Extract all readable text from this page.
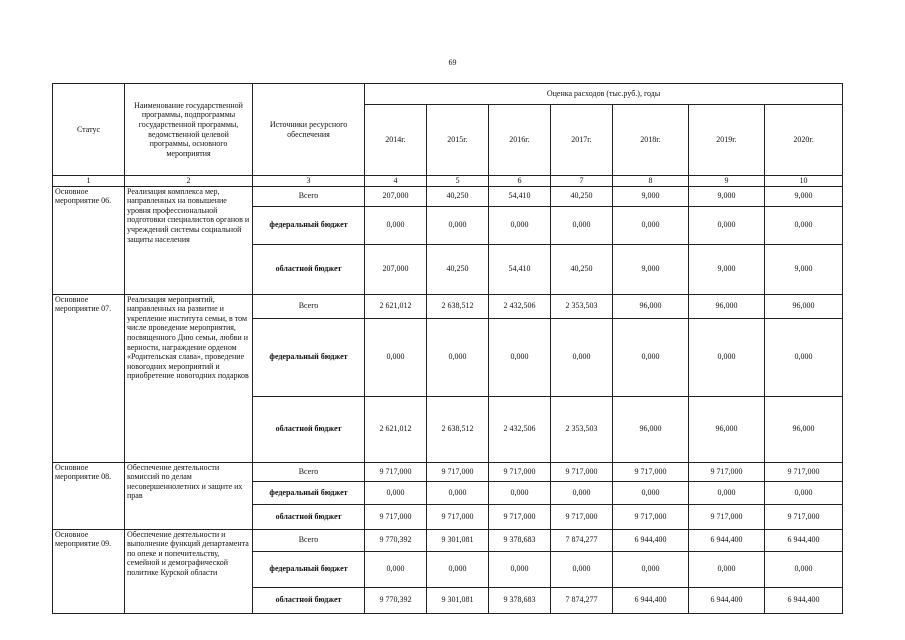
69
Статус	Наименование государственной программы, подпрограммы государственной программы, ведомственной целевой программы, основного мероприятия	Источники ресурсного обеспечения	Оценка расходов (тыс.руб.), годы						
			2014г.	2015г.	2016г.	2017г.	2018г.	2019г.	2020г.
1	2	3	4	5	6	7	8	9	10
Основное мероприятие 06.	Реализация комплекса мер, направленных на повышение уровня профессиональной подготовки специалистов органов и учреждений системы социальной защиты населения	Всего	207,000	40,250	54,410	40,250	9,000	9,000	9,000
		федеральный бюджет	0,000	0,000	0,000	0,000	0,000	0,000	0,000
		областной бюджет	207,000	40,250	54,410	40,250	9,000	9,000	9,000
Основное мероприятие 07.	Реализация мероприятий, направленных на развитие и укрепление института семьи, в том числе проведение мероприятия, посвященного Дню семьи, любви и верности, награждение орденом «Родительская слава», проведение новогодних мероприятий и приобретение новогодних подарков	Всего	2 621,012	2 638,512	2 432,506	2 353,503	96,000	96,000	96,000
		федеральный бюджет	0,000	0,000	0,000	0,000	0,000	0,000	0,000
		областной бюджет	2 621,012	2 638,512	2 432,506	2 353,503	96,000	96,000	96,000
Основное мероприятие 08.	Обеспечение деятельности комиссий по делам несовершеннолетних и защите их прав	Всего	9 717,000	9 717,000	9 717,000	9 717,000	9 717,000	9 717,000	9 717,000
		федеральный бюджет	0,000	0,000	0,000	0,000	0,000	0,000	0,000
		областной бюджет	9 717,000	9 717,000	9 717,000	9 717,000	9 717,000	9 717,000	9 717,000
Основное мероприятие 09.	Обеспечение деятельности и выполнение функций департамента по опеке и попечительству, семейной и демографической политике Курской области	Всего	9 770,392	9 301,081	9 378,683	7 874,277	6 944,400	6 944,400	6 944,400
		федеральный бюджет	0,000	0,000	0,000	0,000	0,000	0,000	0,000
		областной бюджет	9 770,392	9 301,081	9 378,683	7 874,277	6 944,400	6 944,400	6 944,400
